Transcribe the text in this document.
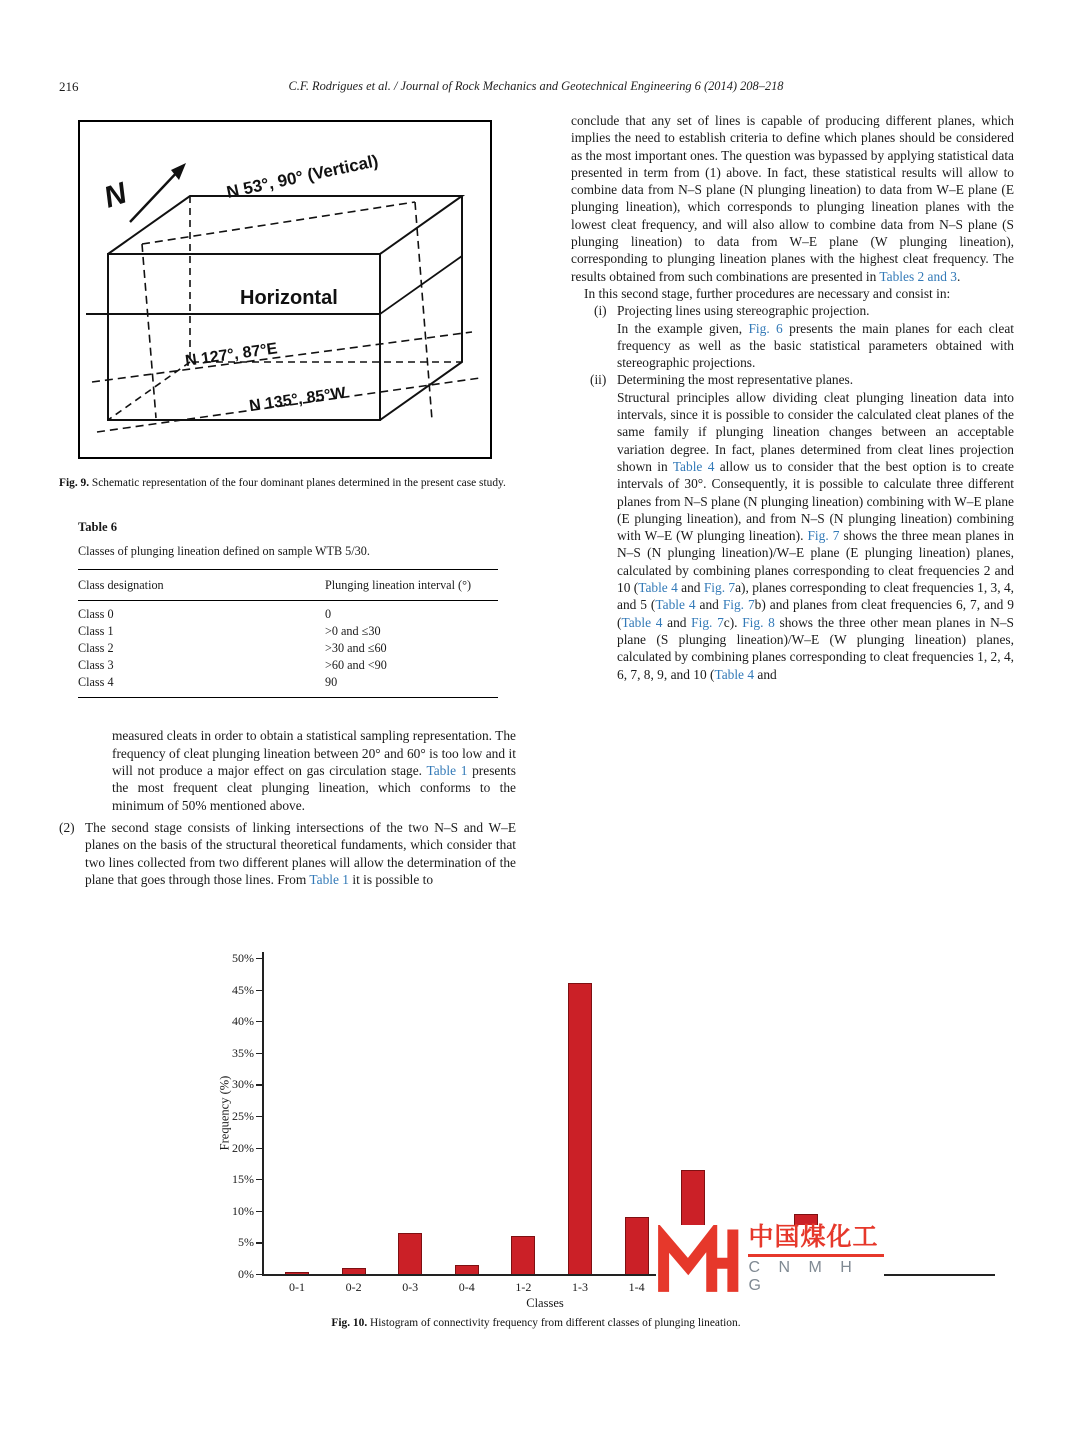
216	C.F. Rodrigues et al. / Journal of Rock Mechanics and Geotechnical Engineering 6 (2014) 208–218
N	N 53°, 90° (Vertical)
Horizontal
N 127°, 87°E
N 135°, 85°W

Fig. 9. Schematic representation of the four dominant planes determined in the present case study.

Table 6
Classes of plunging lineation defined on sample WTB 5/30.
Class designation	Plunging lineation interval (°)
Class 0	0
Class 1	>0 and ≤30
Class 2	>30 and ≤60
Class 3	>60 and <90
Class 4	90

measured cleats in order to obtain a statistical sampling representation. The frequency of cleat plunging lineation between 20° and 60° is too low and it will not produce a major effect on gas circulation stage. Table 1 presents the most frequent cleat plunging lineation, which conforms to the minimum of 50% mentioned above.

(2) The second stage consists of linking intersections of the two N–S and W–E planes on the basis of the structural theoretical fundaments, which consider that two lines collected from two different planes will allow the determination of the plane that goes through those lines. From Table 1 it is possible to

conclude that any set of lines is capable of producing different planes, which implies the need to establish criteria to define which planes should be considered as the most important ones. The question was bypassed by applying statistical data presented in term from (1) above. In fact, these statistical results will allow to combine data from N–S plane (N plunging lineation) to data from W–E plane (E plunging lineation), which corresponds to plunging lineation planes with the lowest cleat frequency, and will also allow to combine data from N–S plane (S plunging lineation) to data from W–E plane (W plunging lineation), corresponding to plunging lineation planes with the highest cleat frequency. The results obtained from such combinations are presented in Tables 2 and 3.

In this second stage, further procedures are necessary and consist in:

(i) Projecting lines using stereographic projection.

In the example given, Fig. 6 presents the main planes for each cleat frequency as well as the basic statistical parameters obtained with stereographic projections.

(ii) Determining the most representative planes.

Structural principles allow dividing cleat plunging lineation data into intervals, since it is possible to consider the calculated cleat planes of the same family if plunging lineation changes between an acceptable variation degree. In fact, planes determined from cleat lines projection shown in Table 4 allow us to consider that the best option is to create intervals of 30°. Consequently, it is possible to calculate three different planes from N–S plane (N plunging lineation) combining with W–E plane (E plunging lineation), and from N–S (N plunging lineation) combining with W–E (W plunging lineation). Fig. 7 shows the three mean planes in N–S (N plunging lineation)/W–E plane (E plunging lineation) planes, calculated by combining planes corresponding to cleat frequencies 2 and 10 (Table 4 and Fig. 7a), planes corresponding to cleat frequencies 1, 3, 4, and 5 (Table 4 and Fig. 7b) and planes from cleat frequencies 6, 7, and 9 (Table 4 and Fig. 7c). Fig. 8 shows the three other mean planes in N–S plane (S plunging lineation)/W–E (W plunging lineation) planes, calculated by combining planes corresponding to cleat frequencies 1, 2, 4, 6, 7, 8, 9, and 10 (Table 4 and

0%
5%
10%
15%
20%
25%
30%
35%
40%
45%
50%
0-1	0-2	0-3	0-4	1-2	1-3	1-4
Frequency (%)
Classes
中国煤化工
C N M H G

Fig. 10. Histogram of connectivity frequency from different classes of plunging lineation.
